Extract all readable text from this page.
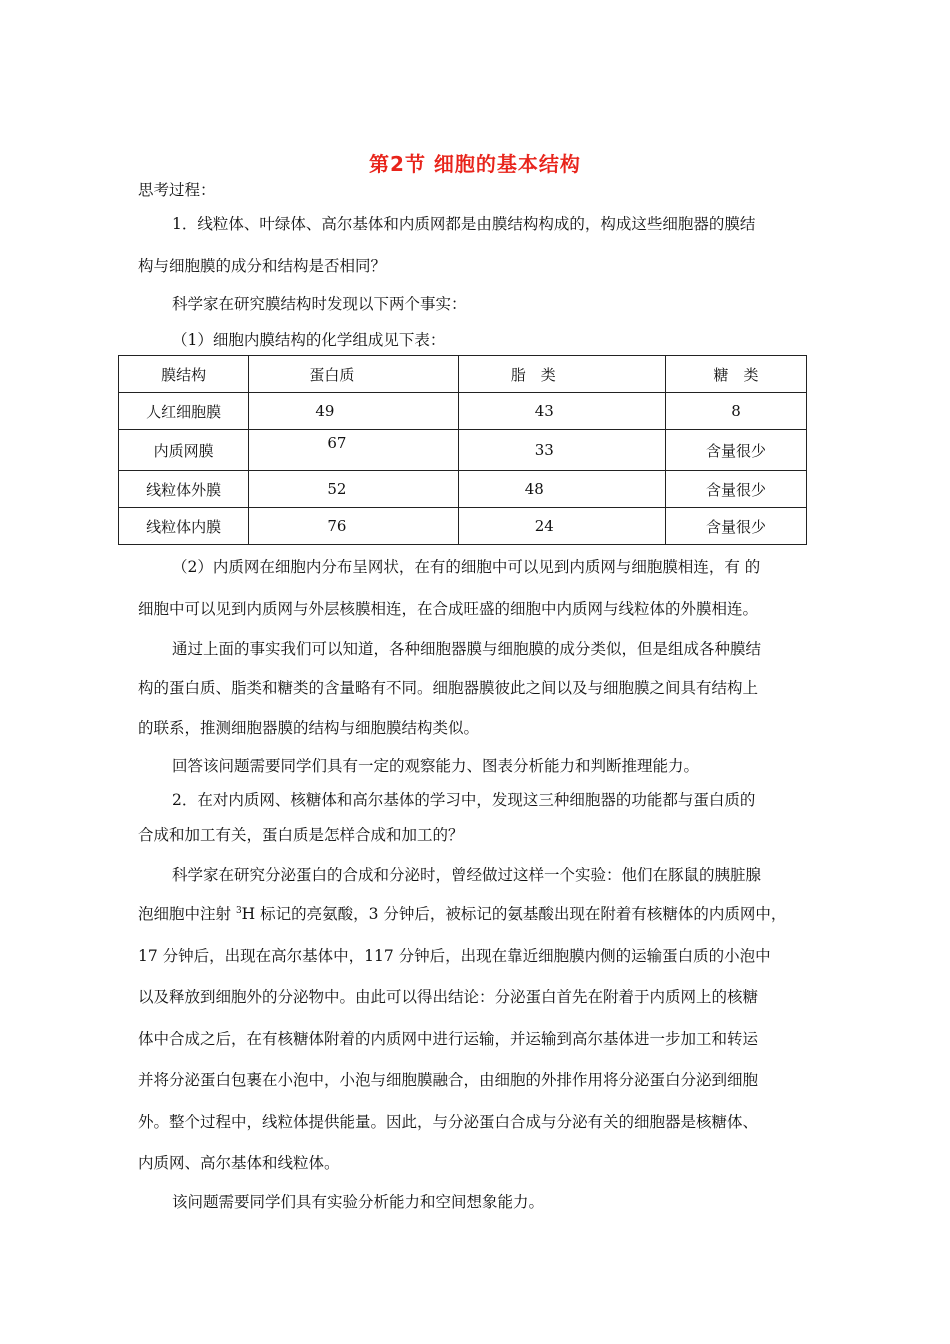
第2节 细胞的基本结构
思考过程：
1．线粒体、叶绿体、高尔基体和内质网都是由膜结构构成的，构成这些细胞器的膜结
构与细胞膜的成分和结构是否相同？
科学家在研究膜结构时发现以下两个事实：
（1）细胞内膜结构的化学组成见下表：
膜结构	蛋白质	脂　类	糖　类
人红细胞膜	49	43	8
内质网膜	67	33	含量很少
线粒体外膜	52	48	含量很少
线粒体内膜	76	24	含量很少
（2）内质网在细胞内分布呈网状，在有的细胞中可以见到内质网与细胞膜相连，有 的
细胞中可以见到内质网与外层核膜相连，在合成旺盛的细胞中内质网与线粒体的外膜相连。
通过上面的事实我们可以知道，各种细胞器膜与细胞膜的成分类似，但是组成各种膜结
构的蛋白质、脂类和糖类的含量略有不同。细胞器膜彼此之间以及与细胞膜之间具有结构上
的联系，推测细胞器膜的结构与细胞膜结构类似。
回答该问题需要同学们具有一定的观察能力、图表分析能力和判断推理能力。
2．在对内质网、核糖体和高尔基体的学习中，发现这三种细胞器的功能都与蛋白质的
合成和加工有关，蛋白质是怎样合成和加工的？
科学家在研究分泌蛋白的合成和分泌时，曾经做过这样一个实验：他们在豚鼠的胰脏腺
泡细胞中注射 $^3$H 标记的亮氨酸，3 分钟后，被标记的氨基酸出现在附着有核糖体的内质网中，
17 分钟后，出现在高尔基体中，117 分钟后，出现在靠近细胞膜内侧的运输蛋白质的小泡中
以及释放到细胞外的分泌物中。由此可以得出结论：分泌蛋白首先在附着于内质网上的核糖
体中合成之后，在有核糖体附着的内质网中进行运输，并运输到高尔基体进一步加工和转运
并将分泌蛋白包裹在小泡中，小泡与细胞膜融合，由细胞的外排作用将分泌蛋白分泌到细胞
外。整个过程中，线粒体提供能量。因此，与分泌蛋白合成与分泌有关的细胞器是核糖体、
内质网、高尔基体和线粒体。
该问题需要同学们具有实验分析能力和空间想象能力。
